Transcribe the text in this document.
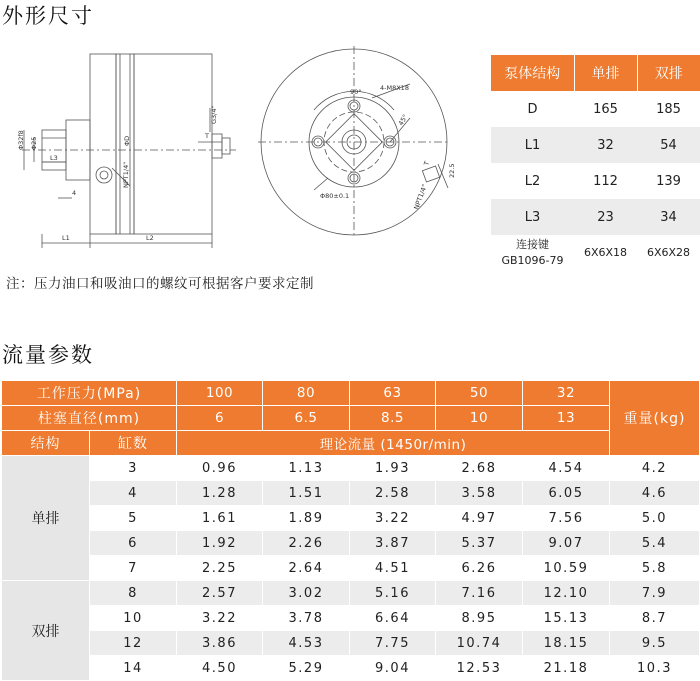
外形尺寸
Φ32f8 Φ25
L3
4
L1	L2
ΦD
NPT1/4"
G3/4"
T
90°	4-M8X18
45°
Φ80±0.1
T
NPT1/4"
22.5
泵体结构	单排	双排
D	165	185
L1	32	54
L2	112	139
L3	23	34

连接键
GB1096-79	6X6X18	6X6X28
注：压力油口和吸油口的螺纹可根据客户要求定制
流量参数
工作压力(MPa)		100	80	63	50	32	重量(kg)
柱塞直径(mm)		6	6.5	8.5	10	13	
结构	缸数	理论流量 (1450r/min)					
单排	3	0.96	1.13	1.93	2.68	4.54	4.2
	4	1.28	1.51	2.58	3.58	6.05	4.6
	5	1.61	1.89	3.22	4.97	7.56	5.0
	6	1.92	2.26	3.87	5.37	9.07	5.4
	7	2.25	2.64	4.51	6.26	10.59	5.8
双排	8	2.57	3.02	5.16	7.16	12.10	7.9
	10	3.22	3.78	6.64	8.95	15.13	8.7
	12	3.86	4.53	7.75	10.74	18.15	9.5
	14	4.50	5.29	9.04	12.53	21.18	10.3
